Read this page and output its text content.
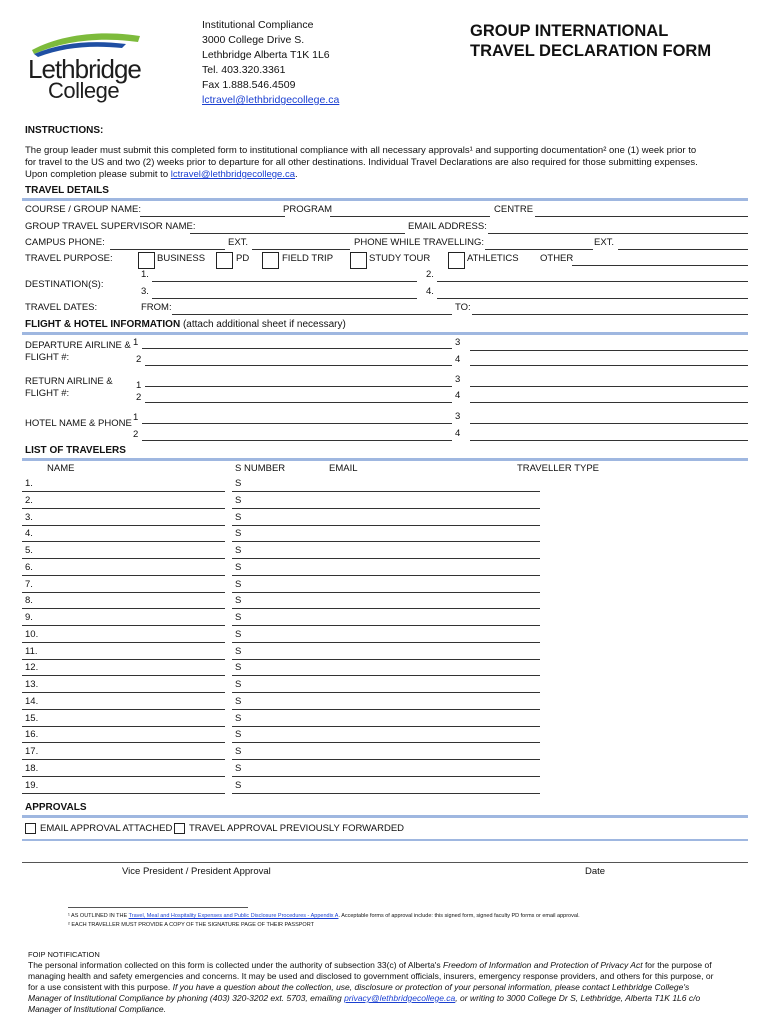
Lethbridge
College
Institutional Compliance
3000 College Drive S.
Lethbridge Alberta T1K 1L6
Tel. 403.320.3361
Fax 1.888.546.4509
lctravel@lethbridgecollege.ca
GROUP INTERNATIONAL
TRAVEL DECLARATION FORM
INSTRUCTIONS:
The group leader must submit this completed form to institutional compliance with all necessary approvals¹ and supporting documentation² one (1) week prior to
for travel to the US and two (2) weeks prior to departure for all other destinations. Individual Travel Declarations are also required for those submitting expenses.
Upon completion please submit to lctravel@lethbridgecollege.ca.
TRAVEL DETAILS
COURSE / GROUP NAME:	PROGRAM	CENTRE
GROUP TRAVEL SUPERVISOR NAME:	EMAIL ADDRESS:
CAMPUS PHONE:	EXT.	PHONE WHILE TRAVELLING:	EXT.
TRAVEL PURPOSE:	BUSINESS	PD	FIELD TRIP	STUDY TOUR	ATHLETICS OTHER
DESTINATION(S):
1.	2.
3.	4.
TRAVEL DATES:	FROM:	TO:
FLIGHT & HOTEL INFORMATION (attach additional sheet if necessary)
DEPARTURE AIRLINE &
FLIGHT #:
1
2
3
4
RETURN AIRLINE &
FLIGHT #:
1
2
3
4
HOTEL NAME & PHONE
1
2
3
4
LIST OF TRAVELERS
NAME	S NUMBER	EMAIL	TRAVELLER TYPE
1.	S
2.	S
3.	S
4.	S
5.	S
6.	S
7.	S
8.	S
9.	S
10.	S
11.	S
12.	S
13.	S
14.	S
15.	S
16.	S
17.	S
18.	S
19.	S
APPROVALS
EMAIL APPROVAL ATTACHED TRAVEL APPROVAL PREVIOUSLY FORWARDED
Vice President / President Approval	Date
¹ AS OUTLINED IN THE Travel, Meal and Hospitality Expenses and Public Disclosure Procedures - Appendix A. Acceptable forms of approval include: this signed form, signed faculty PD forms or email approval.
² EACH TRAVELLER MUST PROVIDE A COPY OF THE SIGNATURE PAGE OF THEIR PASSPORT
FOIP NOTIFICATION
The personal information collected on this form is collected under the authority of subsection 33(c) of Alberta's Freedom of Information and Protection of Privacy Act for the purpose of
managing health and safety emergencies and concerns. It may be used and disclosed to government officials, insurers, emergency response providers, and others for this purpose, or
for a use consistent with this purpose. If you have a question about the collection, use, disclosure or protection of your personal information, please contact Lethbridge College's
Manager of Institutional Compliance by phoning (403) 320-3202 ext. 5703, emailing privacy@lethbridgecollege.ca, or writing to 3000 College Dr S, Lethbridge, Alberta T1K 1L6 c/o
Manager of Institutional Compliance.
